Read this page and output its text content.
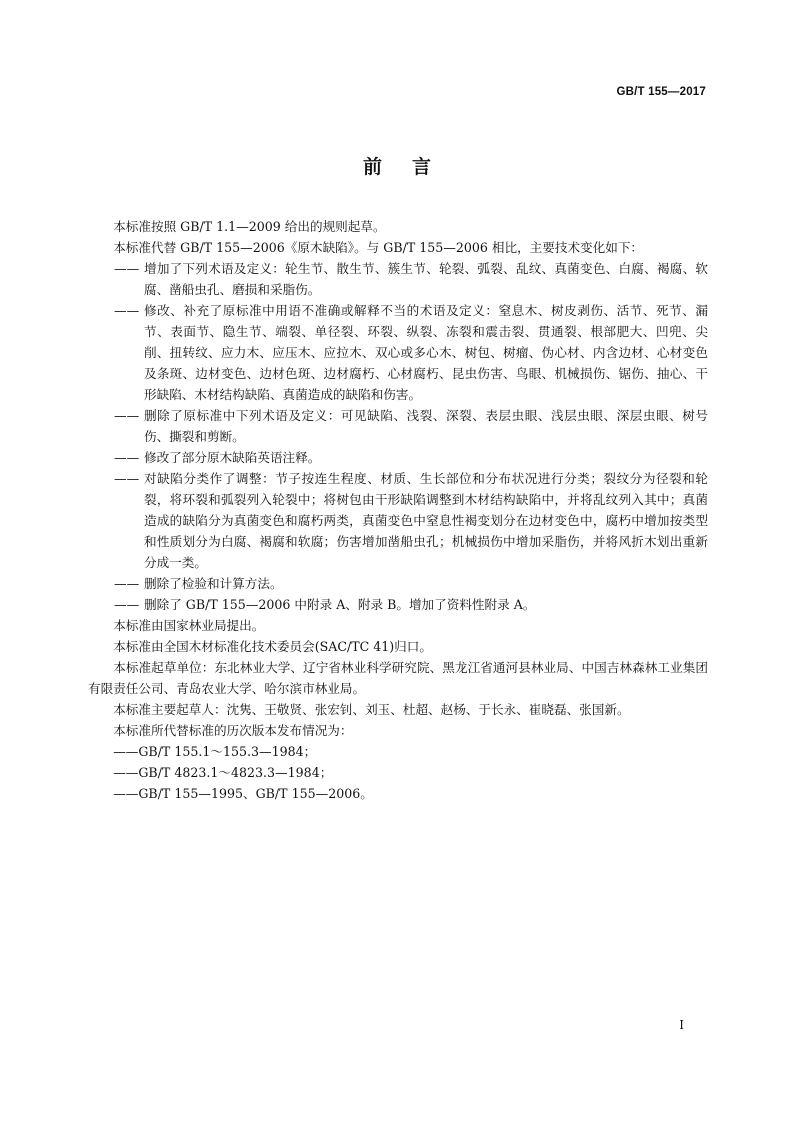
GB/T 155—2017
前言

本标准按照 GB/T 1.1—2009 给出的规则起草。

本标准代替 GB/T 155—2006《原木缺陷》。与 GB/T 155—2006 相比，主要技术变化如下：

—— 增加了下列术语及定义：轮生节、散生节、簇生节、轮裂、弧裂、乱纹、真菌变色、白腐、褐腐、软腐、凿船虫孔、磨损和采脂伤。

—— 修改、补充了原标准中用语不准确或解释不当的术语及定义：窒息木、树皮剥伤、活节、死节、漏节、表面节、隐生节、端裂、单径裂、环裂、纵裂、冻裂和震击裂、贯通裂、根部肥大、凹兜、尖削、扭转纹、应力木、应压木、应拉木、双心或多心木、树包、树瘤、伪心材、内含边材、心材变色及条斑、边材变色、边材色斑、边材腐朽、心材腐朽、昆虫伤害、鸟眼、机械损伤、锯伤、抽心、干形缺陷、木材结构缺陷、真菌造成的缺陷和伤害。

—— 删除了原标准中下列术语及定义：可见缺陷、浅裂、深裂、表层虫眼、浅层虫眼、深层虫眼、树号伤、撕裂和剪断。

—— 修改了部分原木缺陷英语注释。

—— 对缺陷分类作了调整：节子按连生程度、材质、生长部位和分布状况进行分类；裂纹分为径裂和轮裂，将环裂和弧裂列入轮裂中；将树包由干形缺陷调整到木材结构缺陷中，并将乱纹列入其中；真菌造成的缺陷分为真菌变色和腐朽两类，真菌变色中窒息性褐变划分在边材变色中，腐朽中增加按类型和性质划分为白腐、褐腐和软腐；伤害增加凿船虫孔；机械损伤中增加采脂伤，并将风折木划出重新分成一类。

—— 删除了检验和计算方法。

—— 删除了 GB/T 155—2006 中附录 A、附录 B。增加了资料性附录 A。

本标准由国家林业局提出。

本标准由全国木材标准化技术委员会(SAC/TC 41)归口。

本标准起草单位：东北林业大学、辽宁省林业科学研究院、黑龙江省通河县林业局、中国吉林森林工业集团有限责任公司、青岛农业大学、哈尔滨市林业局。

本标准主要起草人：沈隽、王敬贤、张宏钊、刘玉、杜超、赵杨、于长永、崔晓磊、张国新。

本标准所代替标准的历次版本发布情况为：

——GB/T 155.1～155.3—1984；

——GB/T 4823.1～4823.3—1984；

——GB/T 155—1995、GB/T 155—2006。

I
